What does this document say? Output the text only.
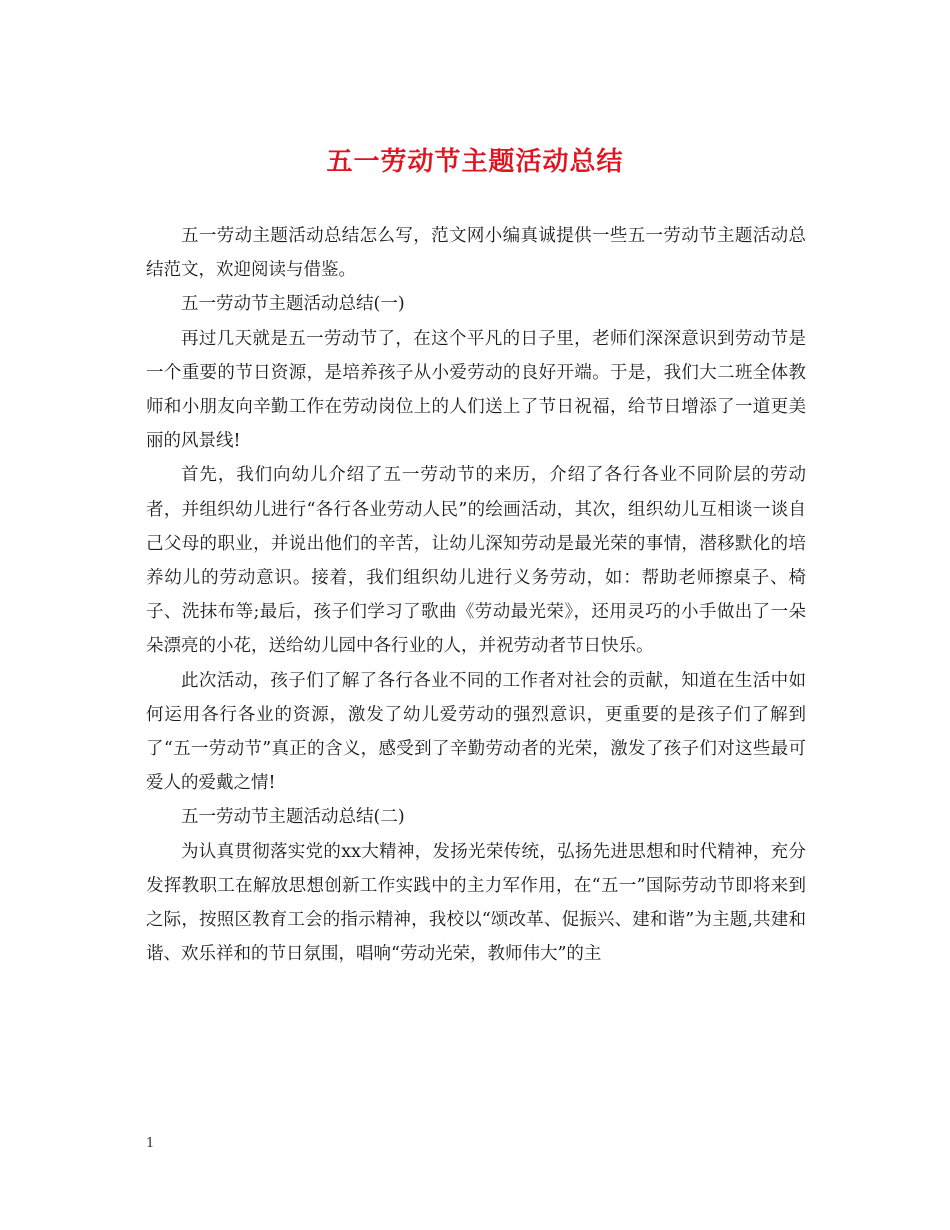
五一劳动节主题活动总结

五一劳动主题活动总结怎么写，范文网小编真诚提供一些五一劳动节主题活动总结范文，欢迎阅读与借鉴。

五一劳动节主题活动总结(一)

再过几天就是五一劳动节了，在这个平凡的日子里，老师们深深意识到劳动节是一个重要的节日资源，是培养孩子从小爱劳动的良好开端。于是，我们大二班全体教师和小朋友向辛勤工作在劳动岗位上的人们送上了节日祝福，给节日增添了一道更美丽的风景线!

首先，我们向幼儿介绍了五一劳动节的来历，介绍了各行各业不同阶层的劳动者，并组织幼儿进行“各行各业劳动人民”的绘画活动，其次，组织幼儿互相谈一谈自己父母的职业，并说出他们的辛苦，让幼儿深知劳动是最光荣的事情，潜移默化的培养幼儿的劳动意识。接着，我们组织幼儿进行义务劳动，如：帮助老师擦桌子、椅子、洗抹布等;最后，孩子们学习了歌曲《劳动最光荣》，还用灵巧的小手做出了一朵朵漂亮的小花，送给幼儿园中各行业的人，并祝劳动者节日快乐。

此次活动，孩子们了解了各行各业不同的工作者对社会的贡献，知道在生活中如何运用各行各业的资源，激发了幼儿爱劳动的强烈意识，更重要的是孩子们了解到了“五一劳动节”真正的含义，感受到了辛勤劳动者的光荣，激发了孩子们对这些最可爱人的爱戴之情!

五一劳动节主题活动总结(二)

为认真贯彻落实党的xx大精神，发扬光荣传统，弘扬先进思想和时代精神，充分发挥教职工在解放思想创新工作实践中的主力军作用，在“五一”国际劳动节即将来到之际，按照区教育工会的指示精神，我校以“颂改革、促振兴、建和谐”为主题,共建和谐、欢乐祥和的节日氛围，唱响“劳动光荣，教师伟大”的主

1
